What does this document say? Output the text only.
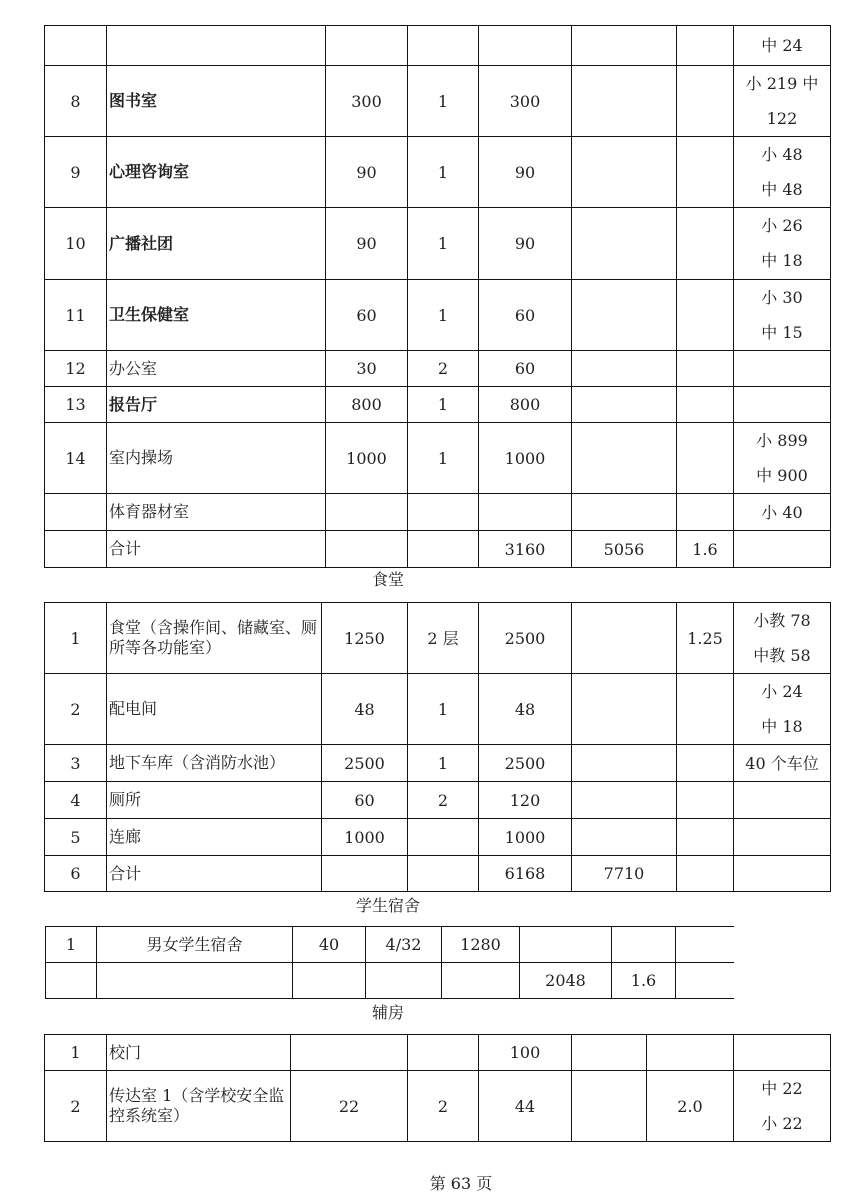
食堂
学生宿舍
辅房
第 63 页
							中 24
8	图书室	300	1	300			小 219 中 122
9	心理咨询室	90	1	90			小 48
中 48
10	广播社团	90	1	90			小 26
中 18
11	卫生保健室	60	1	60			小 30
中 15
12	办公室	30	2	60			
13	报告厅	800	1	800			
14	室内操场	1000	1	1000			小 899
中 900
	体育器材室						小 40
	合计			3160	5056	1.6	
1	食堂（含操作间、储藏室、厕所等各功能室）	1250	2 层	2500		1.25	小教 78
中教 58
2	配电间	48	1	48			小 24
中 18
3	地下车库（含消防水池）	2500	1	2500			40 个车位
4	厕所	60	2	120			
5	连廊	1000		1000			
6	合计			6168	7710		
1	男女学生宿舍	40	4/32	1280			
					2048	1.6	
1	校门			100			
2	传达室 1（含学校安全监控系统室）	22	2	44		2.0	中 22
小 22
